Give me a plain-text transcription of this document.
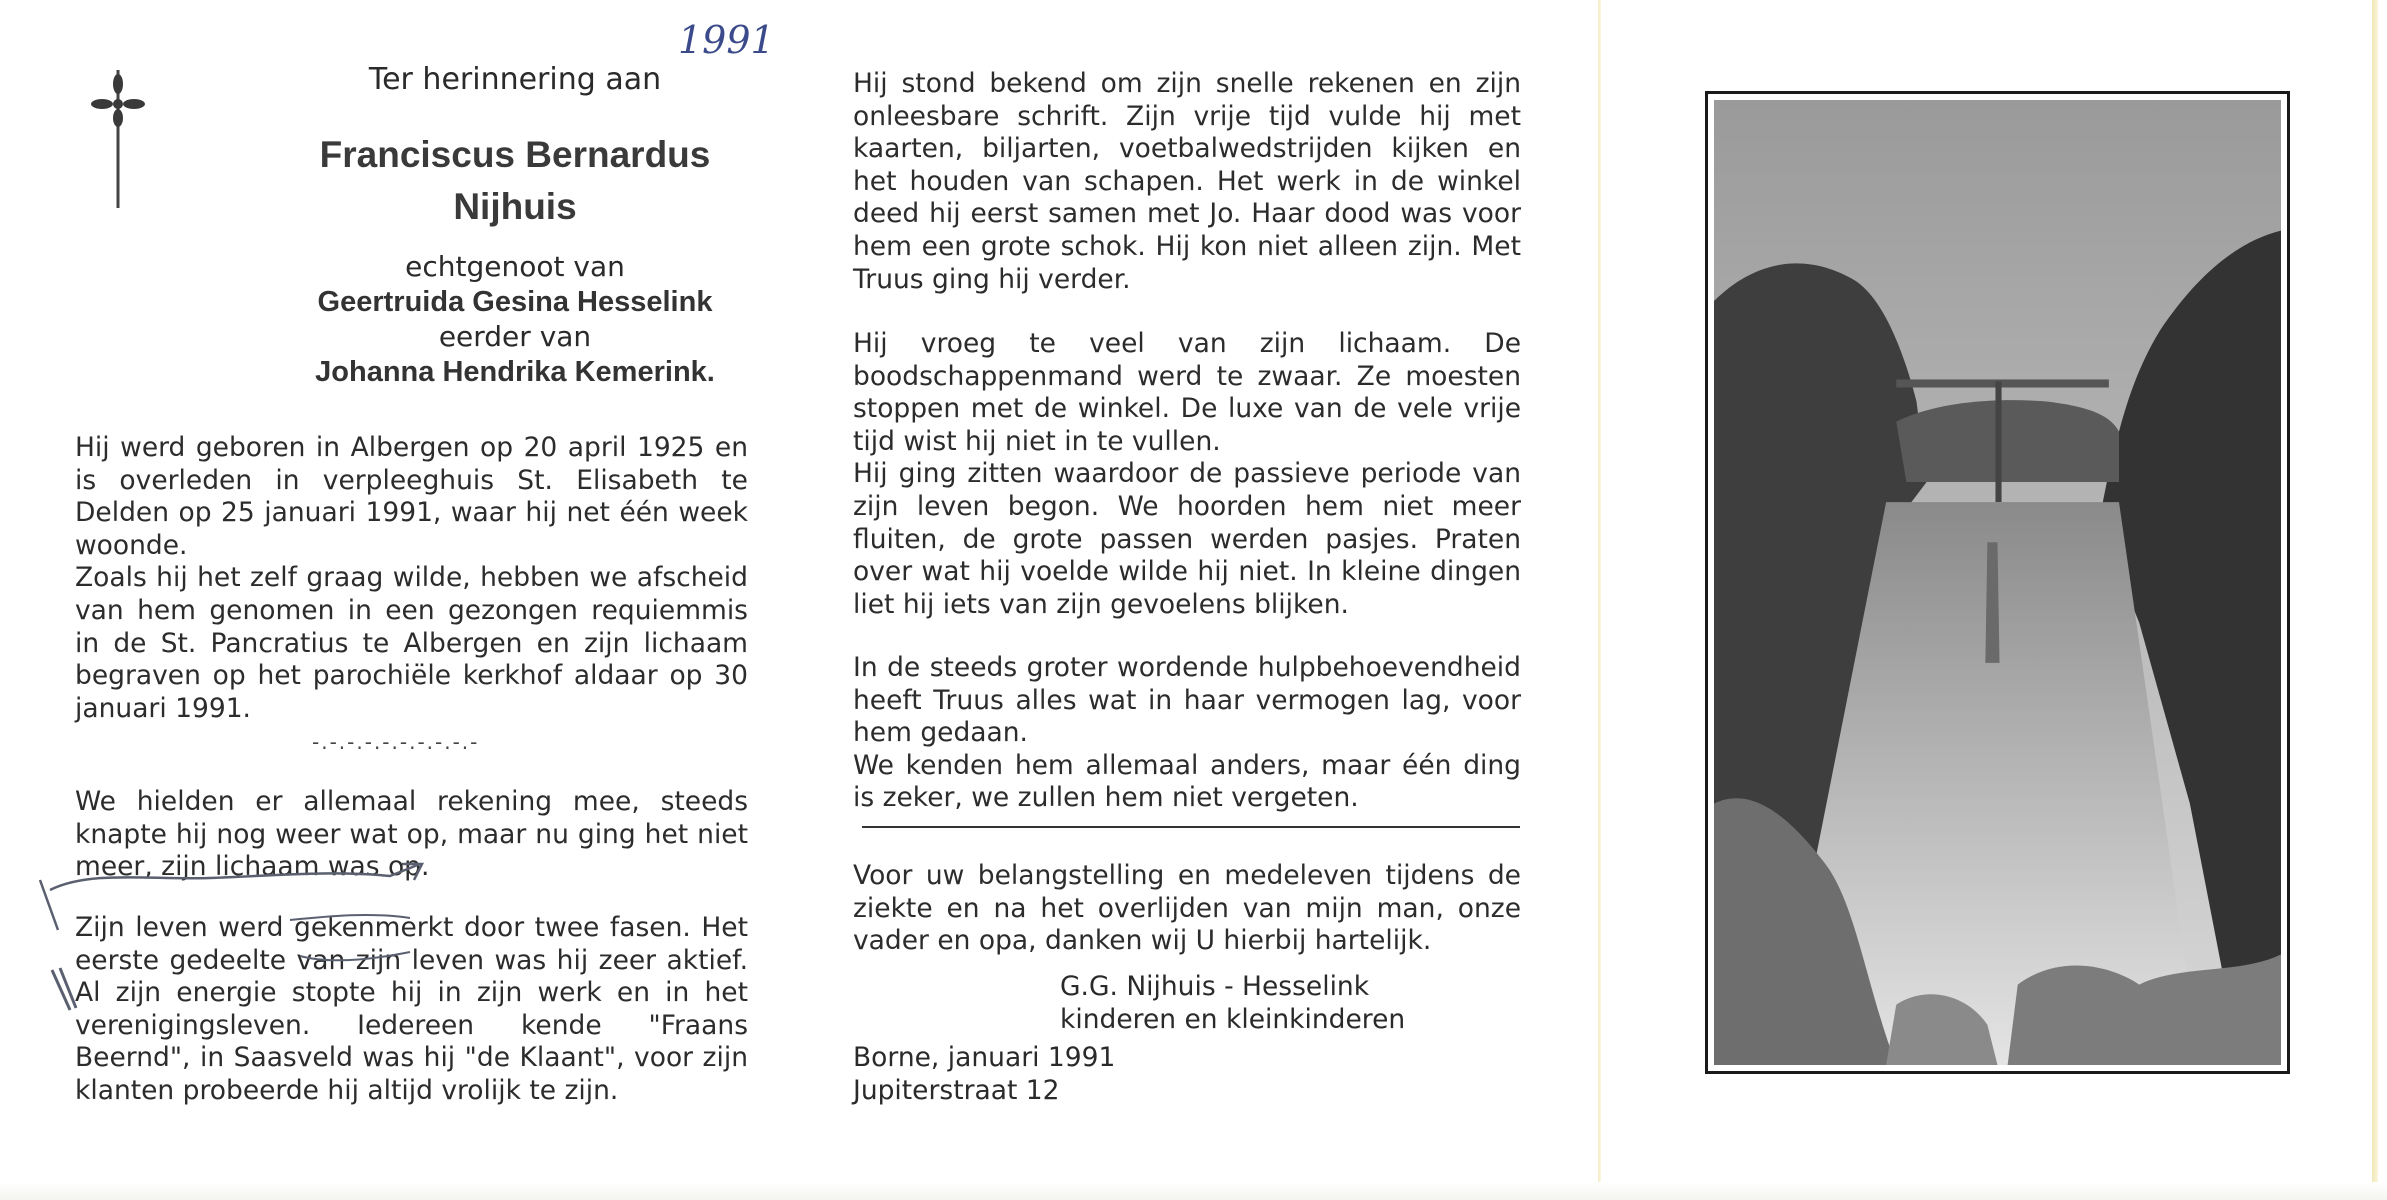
1991

Ter herinnering aan

Franciscus Bernardus

Nijhuis

echtgenoot van

Geertruida Gesina Hesselink

eerder van

Johanna Hendrika Kemerink.

Hij werd geboren in Albergen op 20 april 1925 en is overleden in verpleeghuis St. Elisabeth te Delden op 25 januari 1991, waar hij net één week woonde.
Zoals hij het zelf graag wilde, hebben we afscheid van hem genomen in een gezongen requiemmis in de St. Pancratius te Albergen en zijn lichaam begraven op het parochiële kerkhof aldaar op 30 januari 1991.

-.-.-.-.-.-.-.-.-.-

We hielden er allemaal rekening mee, steeds knapte hij nog weer wat op, maar nu ging het niet meer, zijn lichaam was op.

Zijn leven werd gekenmerkt door twee fasen. Het eerste gedeelte van zijn leven was hij zeer aktief. Al zijn energie stopte hij in zijn werk en in het verenigingsleven. Iedereen kende "Fraans Beernd", in Saasveld was hij "de Klaant", voor zijn klanten probeerde hij altijd vrolijk te zijn.

Hij stond bekend om zijn snelle rekenen en zijn onleesbare schrift. Zijn vrije tijd vulde hij met kaarten, biljarten, voetbalwedstrijden kijken en het houden van schapen. Het werk in de winkel deed hij eerst samen met Jo. Haar dood was voor hem een grote schok. Hij kon niet alleen zijn. Met Truus ging hij verder.

Hij vroeg te veel van zijn lichaam. De boodschappenmand werd te zwaar. Ze moesten stoppen met de winkel. De luxe van de vele vrije tijd wist hij niet in te vullen.
Hij ging zitten waardoor de passieve periode van zijn leven begon. We hoorden hem niet meer fluiten, de grote passen werden pasjes. Praten over wat hij voelde wilde hij niet. In kleine dingen liet hij iets van zijn gevoelens blijken.

In de steeds groter wordende hulpbehoevendheid heeft Truus alles wat in haar vermogen lag, voor hem gedaan.
We kenden hem allemaal anders, maar één ding is zeker, we zullen hem niet vergeten.

Voor uw belangstelling en medeleven tijdens de ziekte en na het overlijden van mijn man, onze vader en opa, danken wij U hierbij hartelijk.

G.G. Nijhuis - Hesselink
kinderen en kleinkinderen

Borne, januari 1991
Jupiterstraat 12
